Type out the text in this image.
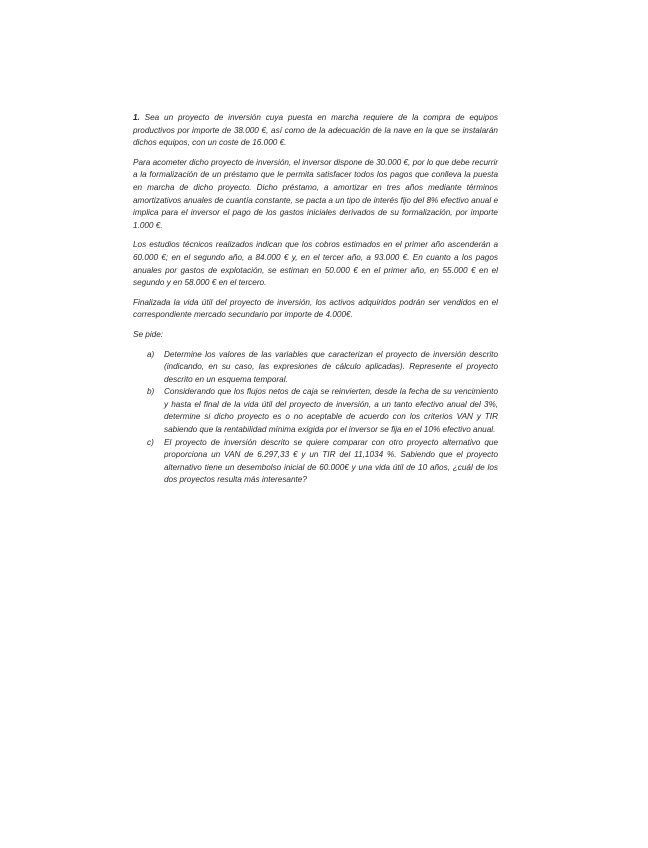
1. Sea un proyecto de inversión cuya puesta en marcha requiere de la compra de equipos productivos por importe de 38.000 €, así como de la adecuación de la nave en la que se instalarán dichos equipos, con un coste de 16.000 €.

Para acometer dicho proyecto de inversión, el inversor dispone de 30.000 €, por lo que debe recurrir a la formalización de un préstamo que le permita satisfacer todos los pagos que conlleva la puesta en marcha de dicho proyecto. Dicho préstamo, a amortizar en tres años mediante términos amortizativos anuales de cuantía constante, se pacta a un tipo de interés fijo del 8% efectivo anual e implica para el inversor el pago de los gastos iniciales derivados de su formalización, por importe 1.000 €.

Los estudios técnicos realizados indican que los cobros estimados en el primer año ascenderán a 60.000 €; en el segundo año, a 84.000 € y, en el tercer año, a 93.000 €. En cuanto a los pagos anuales por gastos de explotación, se estiman en 50.000 € en el primer año, en 55.000 € en el segundo y en 58.000 € en el tercero.

Finalizada la vida útil del proyecto de inversión, los activos adquiridos podrán ser vendidos en el correspondiente mercado secundario por importe de 4.000€.

Se pide:

a)	Determine los valores de las variables que caracterizan el proyecto de inversión descrito (indicando, en su caso, las expresiones de cálculo aplicadas). Represente el proyecto descrito en un esquema temporal.
b)	Considerando que los flujos netos de caja se reinvierten, desde la fecha de su vencimiento y hasta el final de la vida útil del proyecto de inversión, a un tanto efectivo anual del 3%, determine si dicho proyecto es o no aceptable de acuerdo con los criterios VAN y TIR sabiendo que la rentabilidad mínima exigida por el inversor se fija en el 10% efectivo anual.
c)	El proyecto de inversión descrito se quiere comparar con otro proyecto alternativo que proporciona un VAN de 6.297,33 € y un TIR del 11,1034 %. Sabiendo que el proyecto alternativo tiene un desembolso inicial de 60.000€ y una vida útil de 10 años, ¿cuál de los dos proyectos resulta más interesante?
